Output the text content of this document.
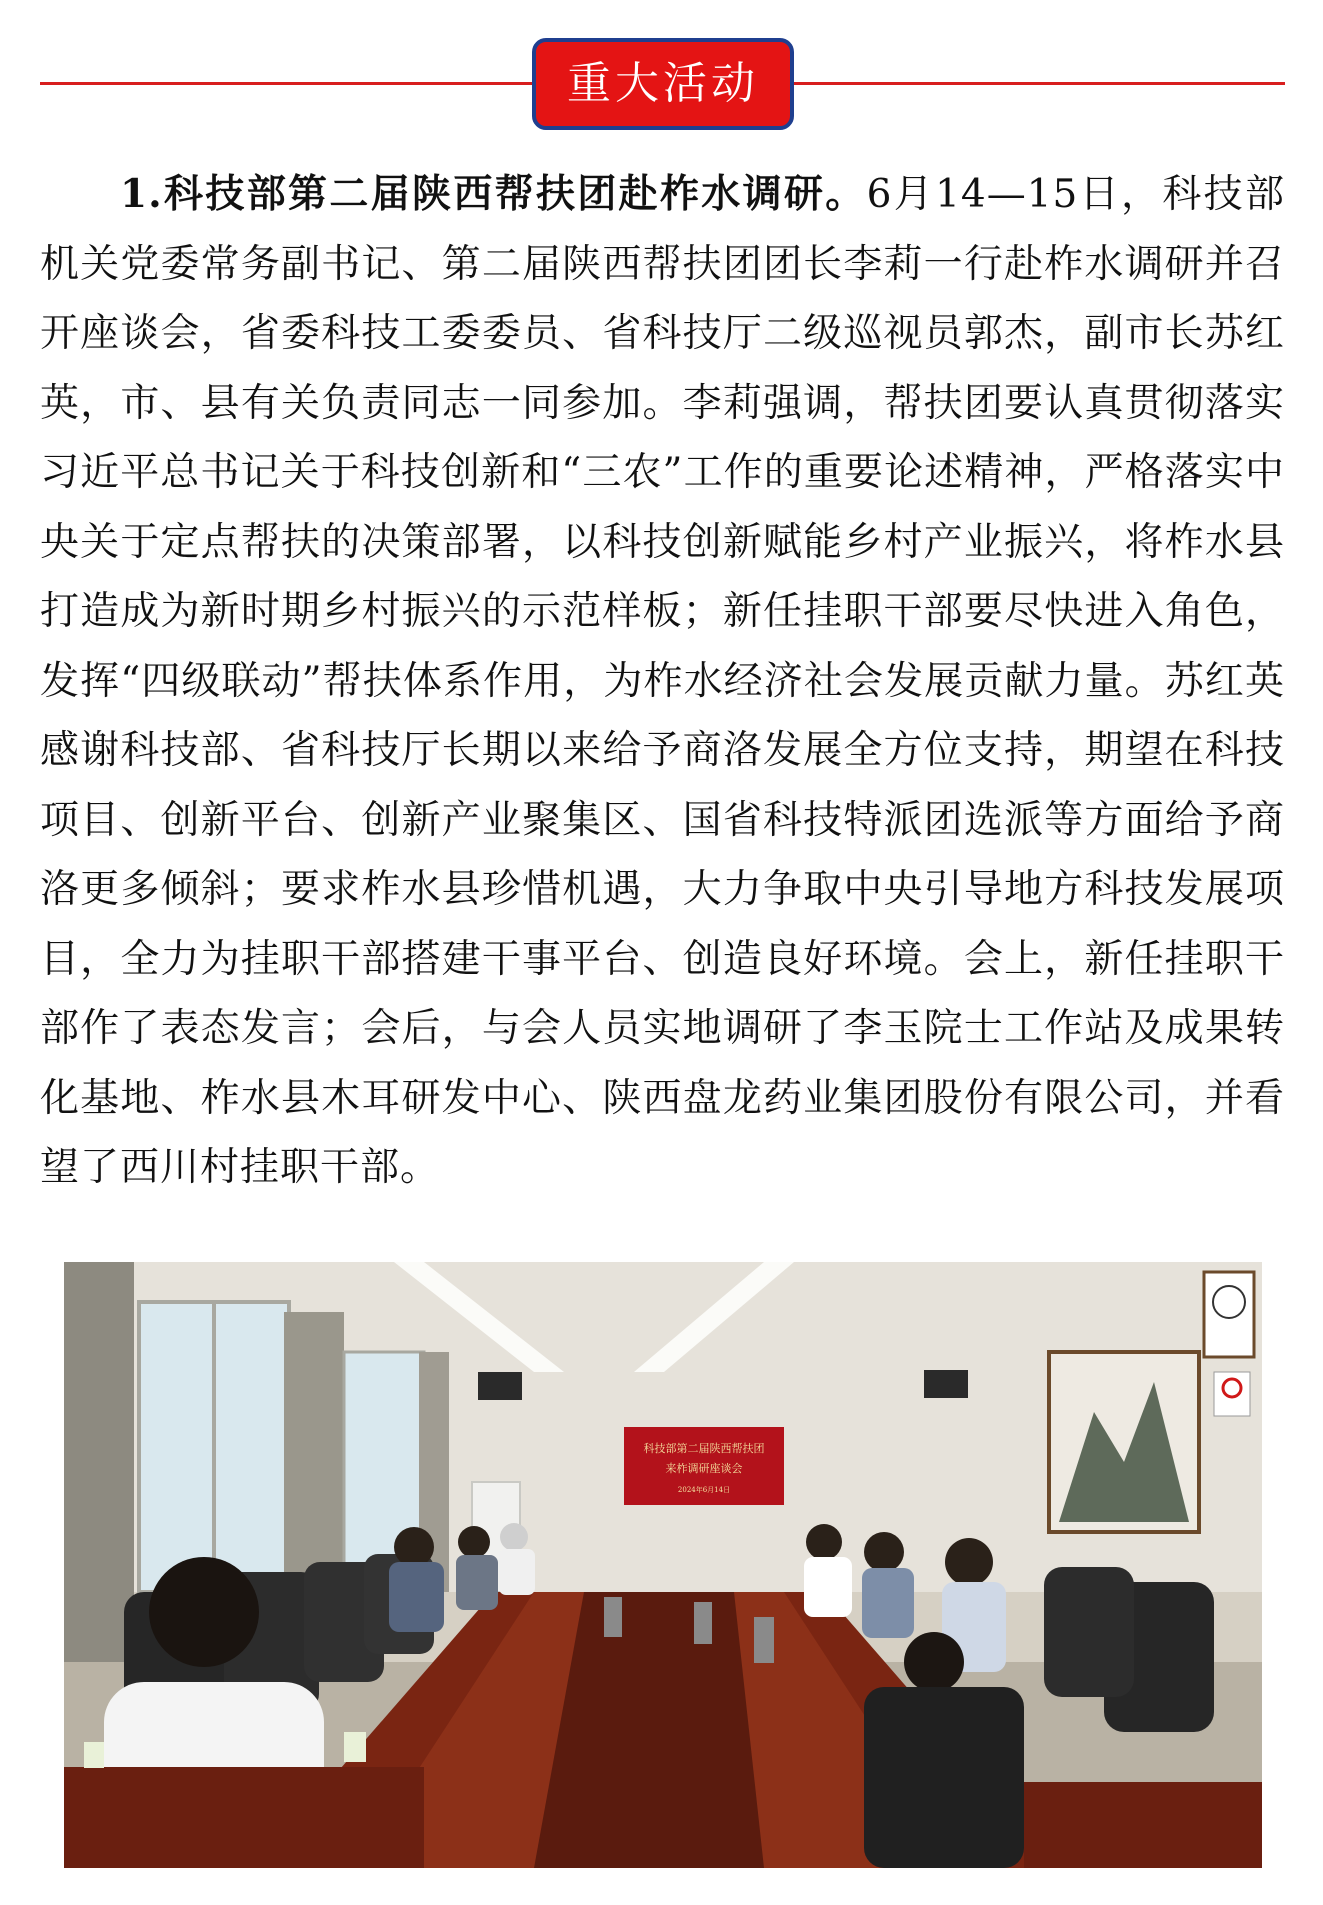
重大活动

1.科技部第二届陕西帮扶团赴柞水调研。6月14—15日，科技部机关党委常务副书记、第二届陕西帮扶团团长李莉一行赴柞水调研并召开座谈会，省委科技工委委员、省科技厅二级巡视员郭杰，副市长苏红英，市、县有关负责同志一同参加。李莉强调，帮扶团要认真贯彻落实习近平总书记关于科技创新和“三农”工作的重要论述精神，严格落实中央关于定点帮扶的决策部署，以科技创新赋能乡村产业振兴，将柞水县打造成为新时期乡村振兴的示范样板；新任挂职干部要尽快进入角色，发挥“四级联动”帮扶体系作用，为柞水经济社会发展贡献力量。苏红英感谢科技部、省科技厅长期以来给予商洛发展全方位支持，期望在科技项目、创新平台、创新产业聚集区、国省科技特派团选派等方面给予商洛更多倾斜；要求柞水县珍惜机遇，大力争取中央引导地方科技发展项目，全力为挂职干部搭建干事平台、创造良好环境。会上，新任挂职干部作了表态发言；会后，与会人员实地调研了李玉院士工作站及成果转化基地、柞水县木耳研发中心、陕西盘龙药业集团股份有限公司，并看望了西川村挂职干部。

科技部第二届陕西帮扶团
来柞调研座谈会
2024年6月14日
